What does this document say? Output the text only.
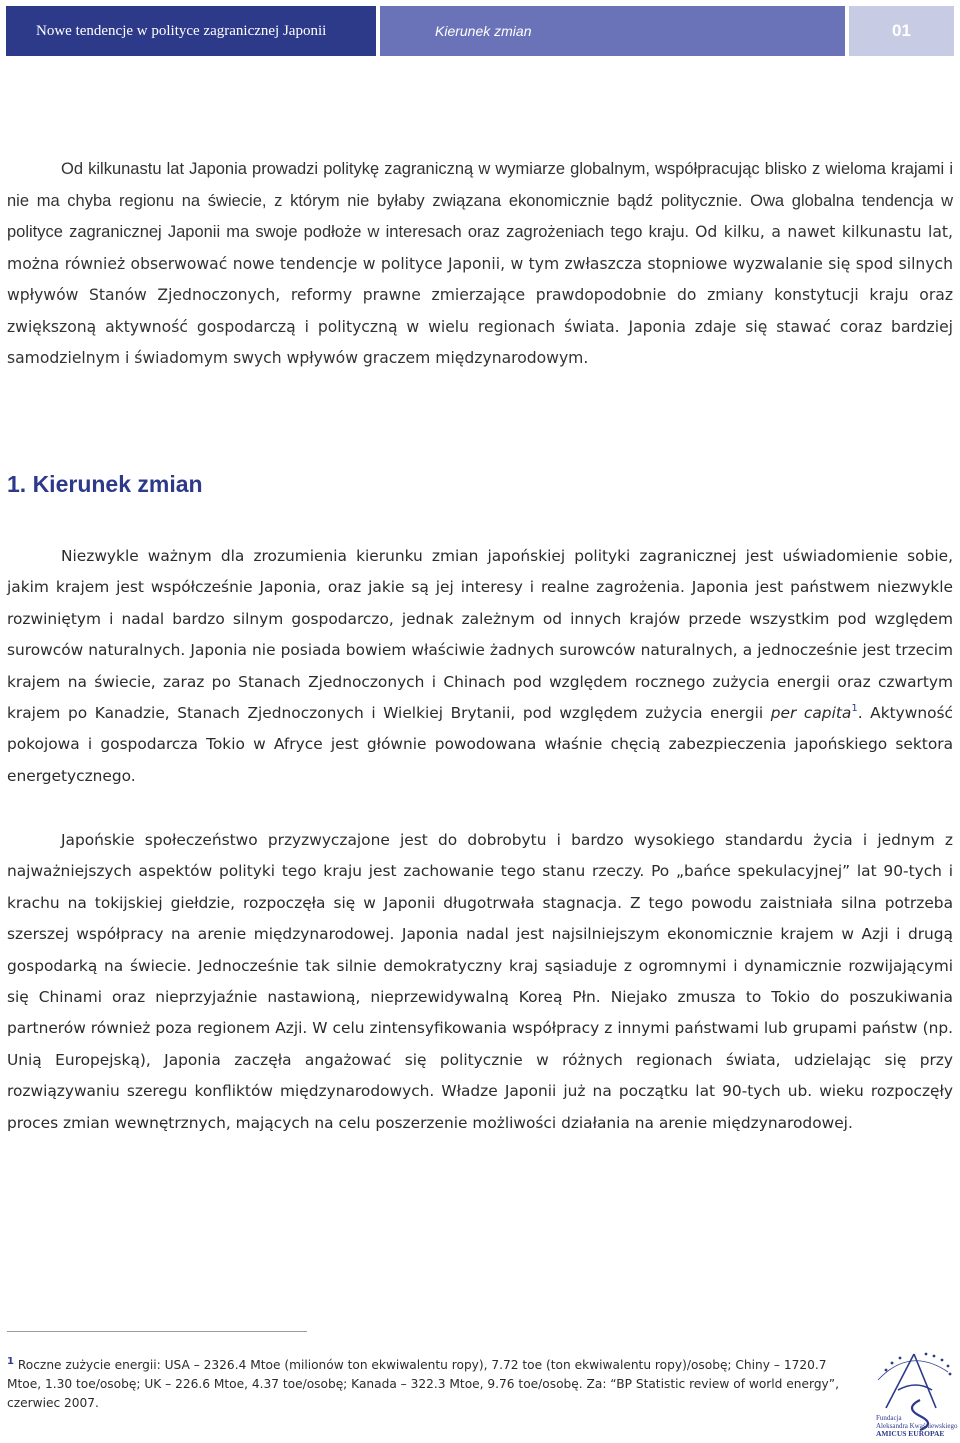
Nowe tendencje w polityce zagranicznej Japonii	Kierunek zmian	01

Od kilkunastu lat Japonia prowadzi politykę zagraniczną w wymiarze globalnym, współpracując blisko z wieloma krajami i nie ma chyba regionu na świecie, z którym nie byłaby związana ekonomicznie bądź politycznie. Owa globalna tendencja w polityce zagranicznej Japonii ma swoje podłoże w interesach oraz zagrożeniach tego kraju. Od kilku, a nawet kilkunastu lat, można również obserwować nowe tendencje w polityce Japonii, w tym zwłaszcza stopniowe wyzwalanie się spod silnych wpływów Stanów Zjednoczonych, reformy prawne zmierzające prawdopodobnie do zmiany konstytucji kraju oraz zwiększoną aktywność gospodarczą i polityczną w wielu regionach świata. Japonia zdaje się stawać coraz bardziej samodzielnym i świadomym swych wpływów graczem międzynarodowym.

1. Kierunek zmian

Niezwykle ważnym dla zrozumienia kierunku zmian japońskiej polityki zagranicznej jest uświadomienie sobie, jakim krajem jest współcześnie Japonia, oraz jakie są jej interesy i realne zagrożenia. Japonia jest państwem niezwykle rozwiniętym i nadal bardzo silnym gospodarczo, jednak zależnym od innych krajów przede wszystkim pod względem surowców naturalnych. Japonia nie posiada bowiem właściwie żadnych surowców naturalnych, a jednocześnie jest trzecim krajem na świecie, zaraz po Stanach Zjednoczonych i Chinach pod względem rocznego zużycia energii oraz czwartym krajem po Kanadzie, Stanach Zjednoczonych i Wielkiej Brytanii, pod względem zużycia energii per capita$^1$. Aktywność pokojowa i gospodarcza Tokio w Afryce jest głównie powodowana właśnie chęcią zabezpieczenia japońskiego sektora energetycznego.

Japońskie społeczeństwo przyzwyczajone jest do dobrobytu i bardzo wysokiego standardu życia i jednym z najważniejszych aspektów polityki tego kraju jest zachowanie tego stanu rzeczy. Po „bańce spekulacyjnej” lat 90-tych i krachu na tokijskiej giełdzie, rozpoczęła się w Japonii długotrwała stagnacja. Z tego powodu zaistniała silna potrzeba szerszej współpracy na arenie międzynarodowej. Japonia nadal jest najsilniejszym ekonomicznie krajem w Azji i drugą gospodarką na świecie. Jednocześnie tak silnie demokratyczny kraj sąsiaduje z ogromnymi i dynamicznie rozwijającymi się Chinami oraz nieprzyjaźnie nastawioną, nieprzewidywalną Koreą Płn. Niejako zmusza to Tokio do poszukiwania partnerów również poza regionem Azji. W celu zintensyfikowania współpracy z innymi państwami lub grupami państw (np. Unią Europejską), Japonia zaczęła angażować się politycznie w różnych regionach świata, udzielając się przy rozwiązywaniu szeregu konfliktów międzynarodowych. Władze Japonii już na początku lat 90-tych ub. wieku rozpoczęły proces zmian wewnętrznych, mających na celu poszerzenie możliwości działania na arenie międzynarodowej.

$^1$ Roczne zużycie energii: USA – 2326.4 Mtoe (milionów ton ekwiwalentu ropy), 7.72 toe (ton ekwiwalentu ropy)/osobę; Chiny – 1720.7 Mtoe, 1.30 toe/osobę; UK – 226.6 Mtoe, 4.37 toe/osobę; Kanada – 322.3 Mtoe, 9.76 toe/osobę. Za: “BP Statistic review of world energy”, czerwiec 2007.

Fundacja
Aleksandra Kwaśniewskiego
AMICUS EUROPAE
